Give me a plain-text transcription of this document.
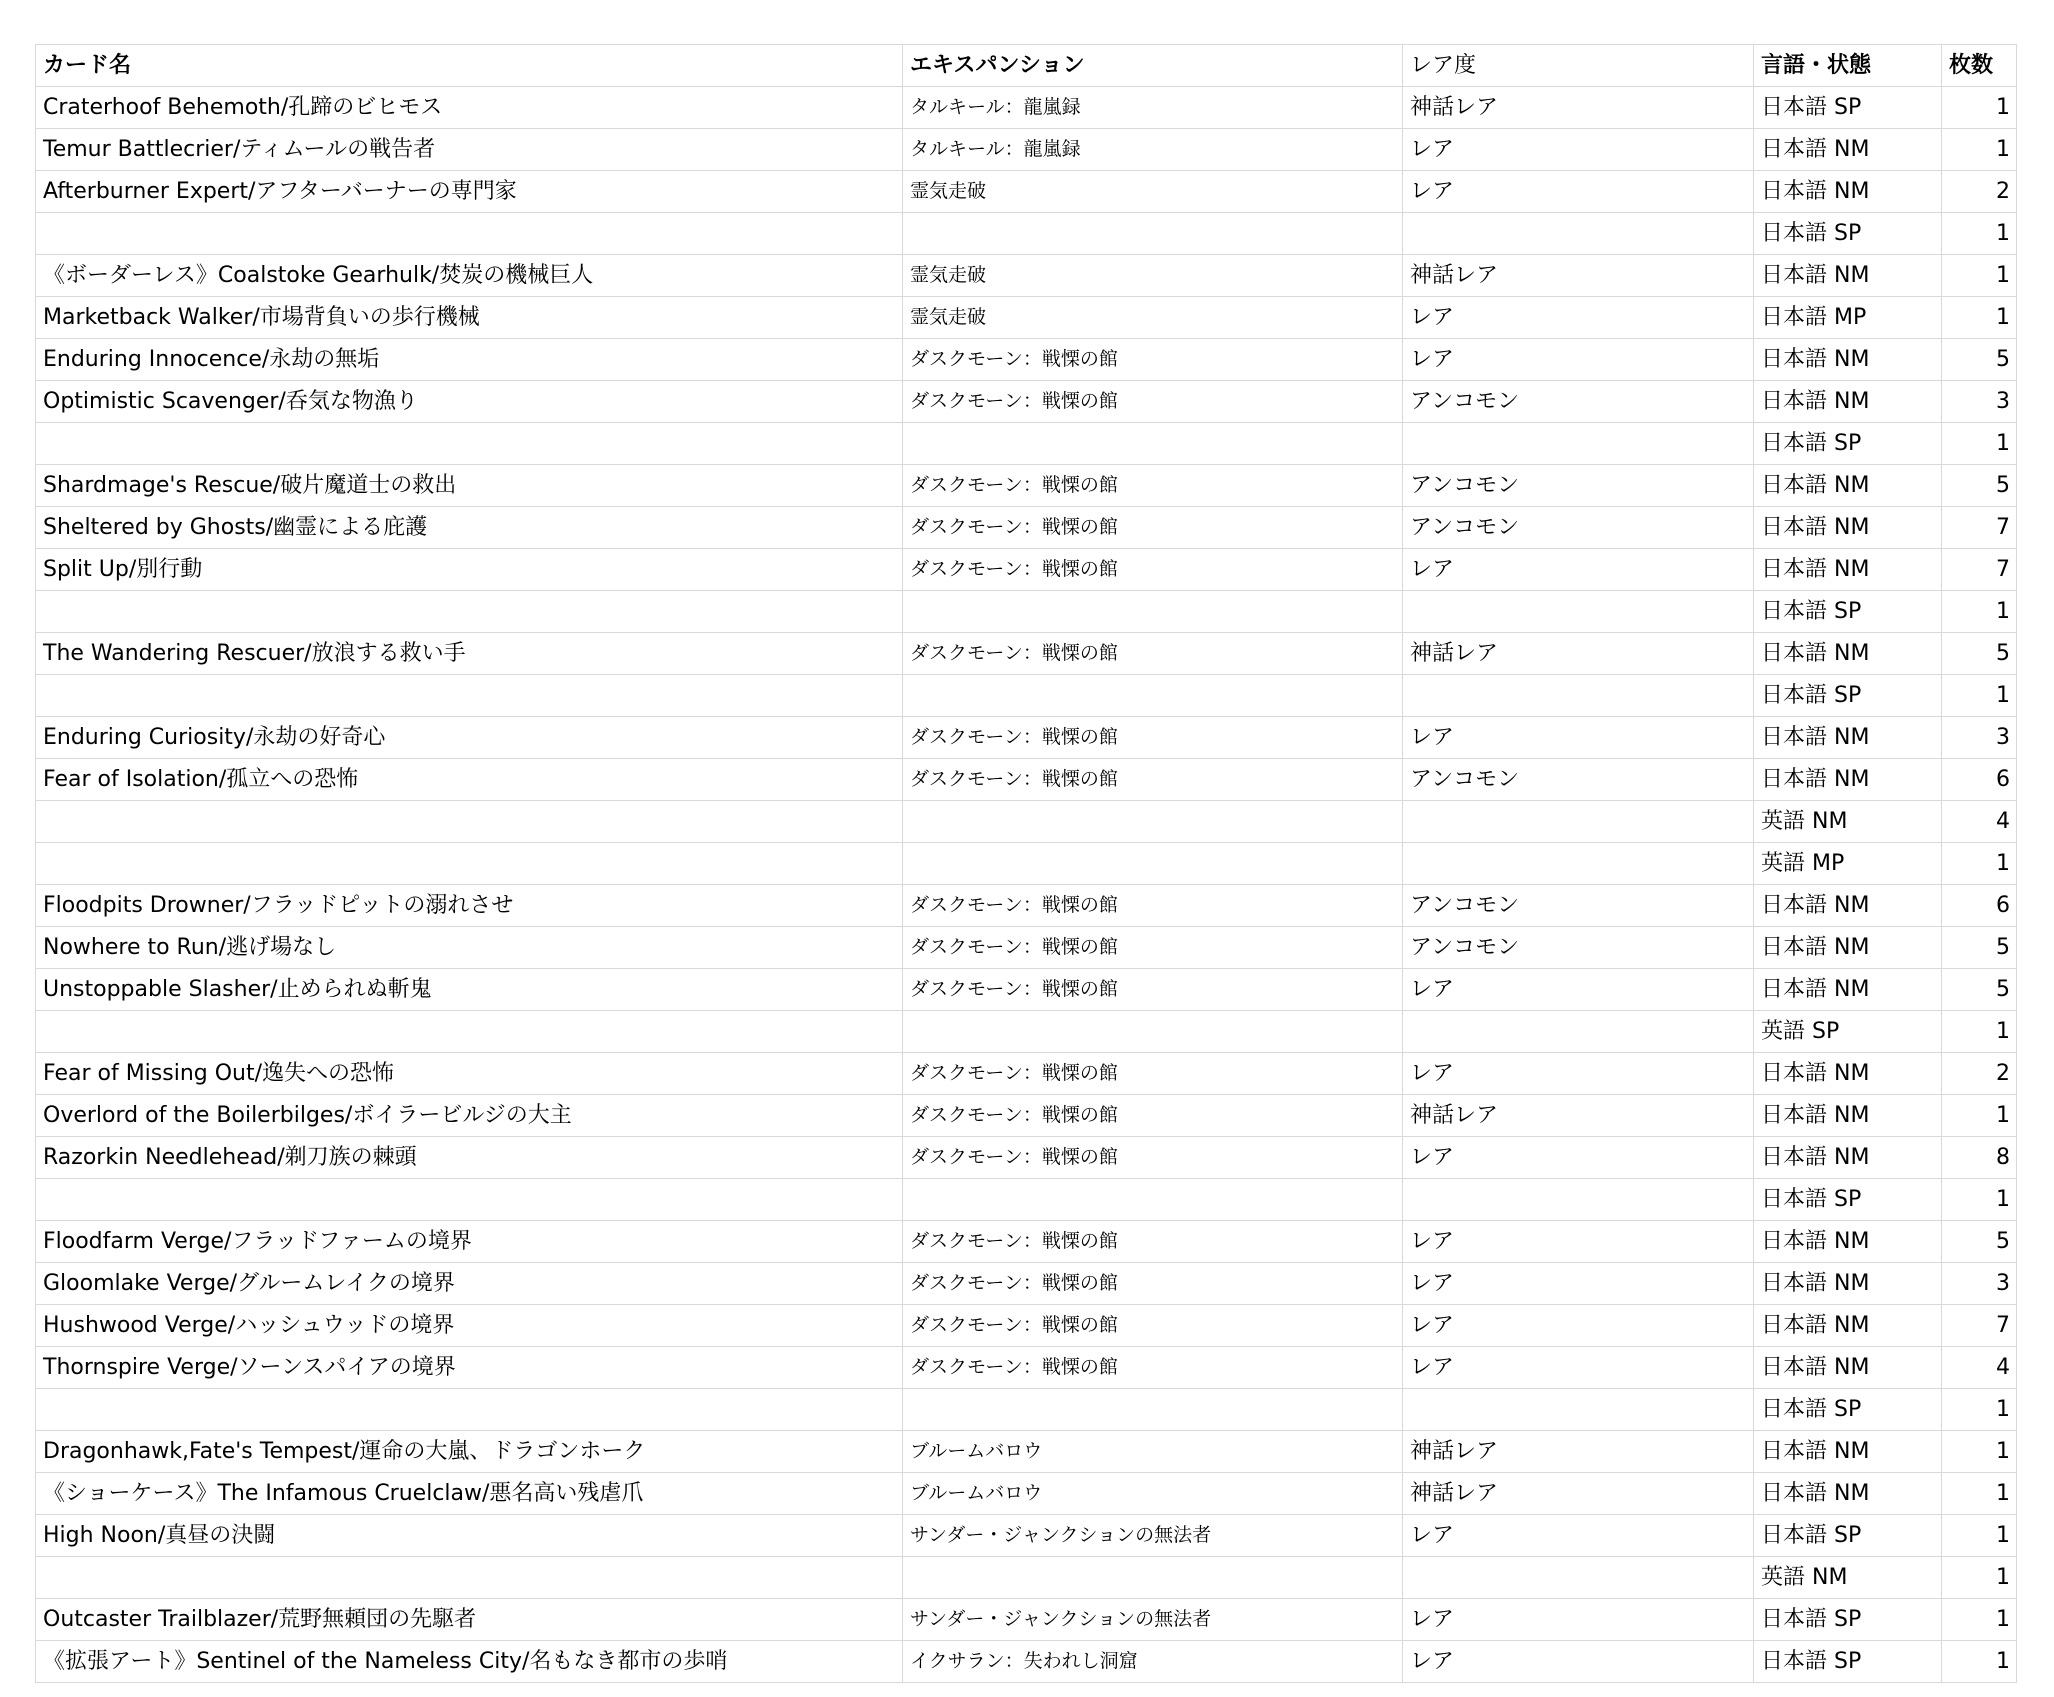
カード名	エキスパンション	レア度	言語・状態	枚数
Craterhoof Behemoth/孔蹄のビヒモス	タルキール：龍嵐録	神話レア	日本語 SP	1
Temur Battlecrier/ティムールの戦告者	タルキール：龍嵐録	レア	日本語 NM	1
Afterburner Expert/アフターバーナーの専門家	霊気走破	レア	日本語 NM	2
			日本語 SP	1
《ボーダーレス》Coalstoke Gearhulk/焚炭の機械巨人	霊気走破	神話レア	日本語 NM	1
Marketback Walker/市場背負いの歩行機械	霊気走破	レア	日本語 MP	1
Enduring Innocence/永劫の無垢	ダスクモーン：戦慄の館	レア	日本語 NM	5
Optimistic Scavenger/呑気な物漁り	ダスクモーン：戦慄の館	アンコモン	日本語 NM	3
			日本語 SP	1
Shardmage's Rescue/破片魔道士の救出	ダスクモーン：戦慄の館	アンコモン	日本語 NM	5
Sheltered by Ghosts/幽霊による庇護	ダスクモーン：戦慄の館	アンコモン	日本語 NM	7
Split Up/別行動	ダスクモーン：戦慄の館	レア	日本語 NM	7
			日本語 SP	1
The Wandering Rescuer/放浪する救い手	ダスクモーン：戦慄の館	神話レア	日本語 NM	5
			日本語 SP	1
Enduring Curiosity/永劫の好奇心	ダスクモーン：戦慄の館	レア	日本語 NM	3
Fear of Isolation/孤立への恐怖	ダスクモーン：戦慄の館	アンコモン	日本語 NM	6
			英語 NM	4
			英語 MP	1
Floodpits Drowner/フラッドピットの溺れさせ	ダスクモーン：戦慄の館	アンコモン	日本語 NM	6
Nowhere to Run/逃げ場なし	ダスクモーン：戦慄の館	アンコモン	日本語 NM	5
Unstoppable Slasher/止められぬ斬鬼	ダスクモーン：戦慄の館	レア	日本語 NM	5
			英語 SP	1
Fear of Missing Out/逸失への恐怖	ダスクモーン：戦慄の館	レア	日本語 NM	2
Overlord of the Boilerbilges/ボイラービルジの大主	ダスクモーン：戦慄の館	神話レア	日本語 NM	1
Razorkin Needlehead/剃刀族の棘頭	ダスクモーン：戦慄の館	レア	日本語 NM	8
			日本語 SP	1
Floodfarm Verge/フラッドファームの境界	ダスクモーン：戦慄の館	レア	日本語 NM	5
Gloomlake Verge/グルームレイクの境界	ダスクモーン：戦慄の館	レア	日本語 NM	3
Hushwood Verge/ハッシュウッドの境界	ダスクモーン：戦慄の館	レア	日本語 NM	7
Thornspire Verge/ソーンスパイアの境界	ダスクモーン：戦慄の館	レア	日本語 NM	4
			日本語 SP	1
Dragonhawk,Fate's Tempest/運命の大嵐、ドラゴンホーク	ブルームバロウ	神話レア	日本語 NM	1
《ショーケース》The Infamous Cruelclaw/悪名高い残虐爪	ブルームバロウ	神話レア	日本語 NM	1
High Noon/真昼の決闘	サンダー・ジャンクションの無法者	レア	日本語 SP	1
			英語 NM	1
Outcaster Trailblazer/荒野無頼団の先駆者	サンダー・ジャンクションの無法者	レア	日本語 SP	1
《拡張アート》Sentinel of the Nameless City/名もなき都市の歩哨	イクサラン：失われし洞窟	レア	日本語 SP	1
